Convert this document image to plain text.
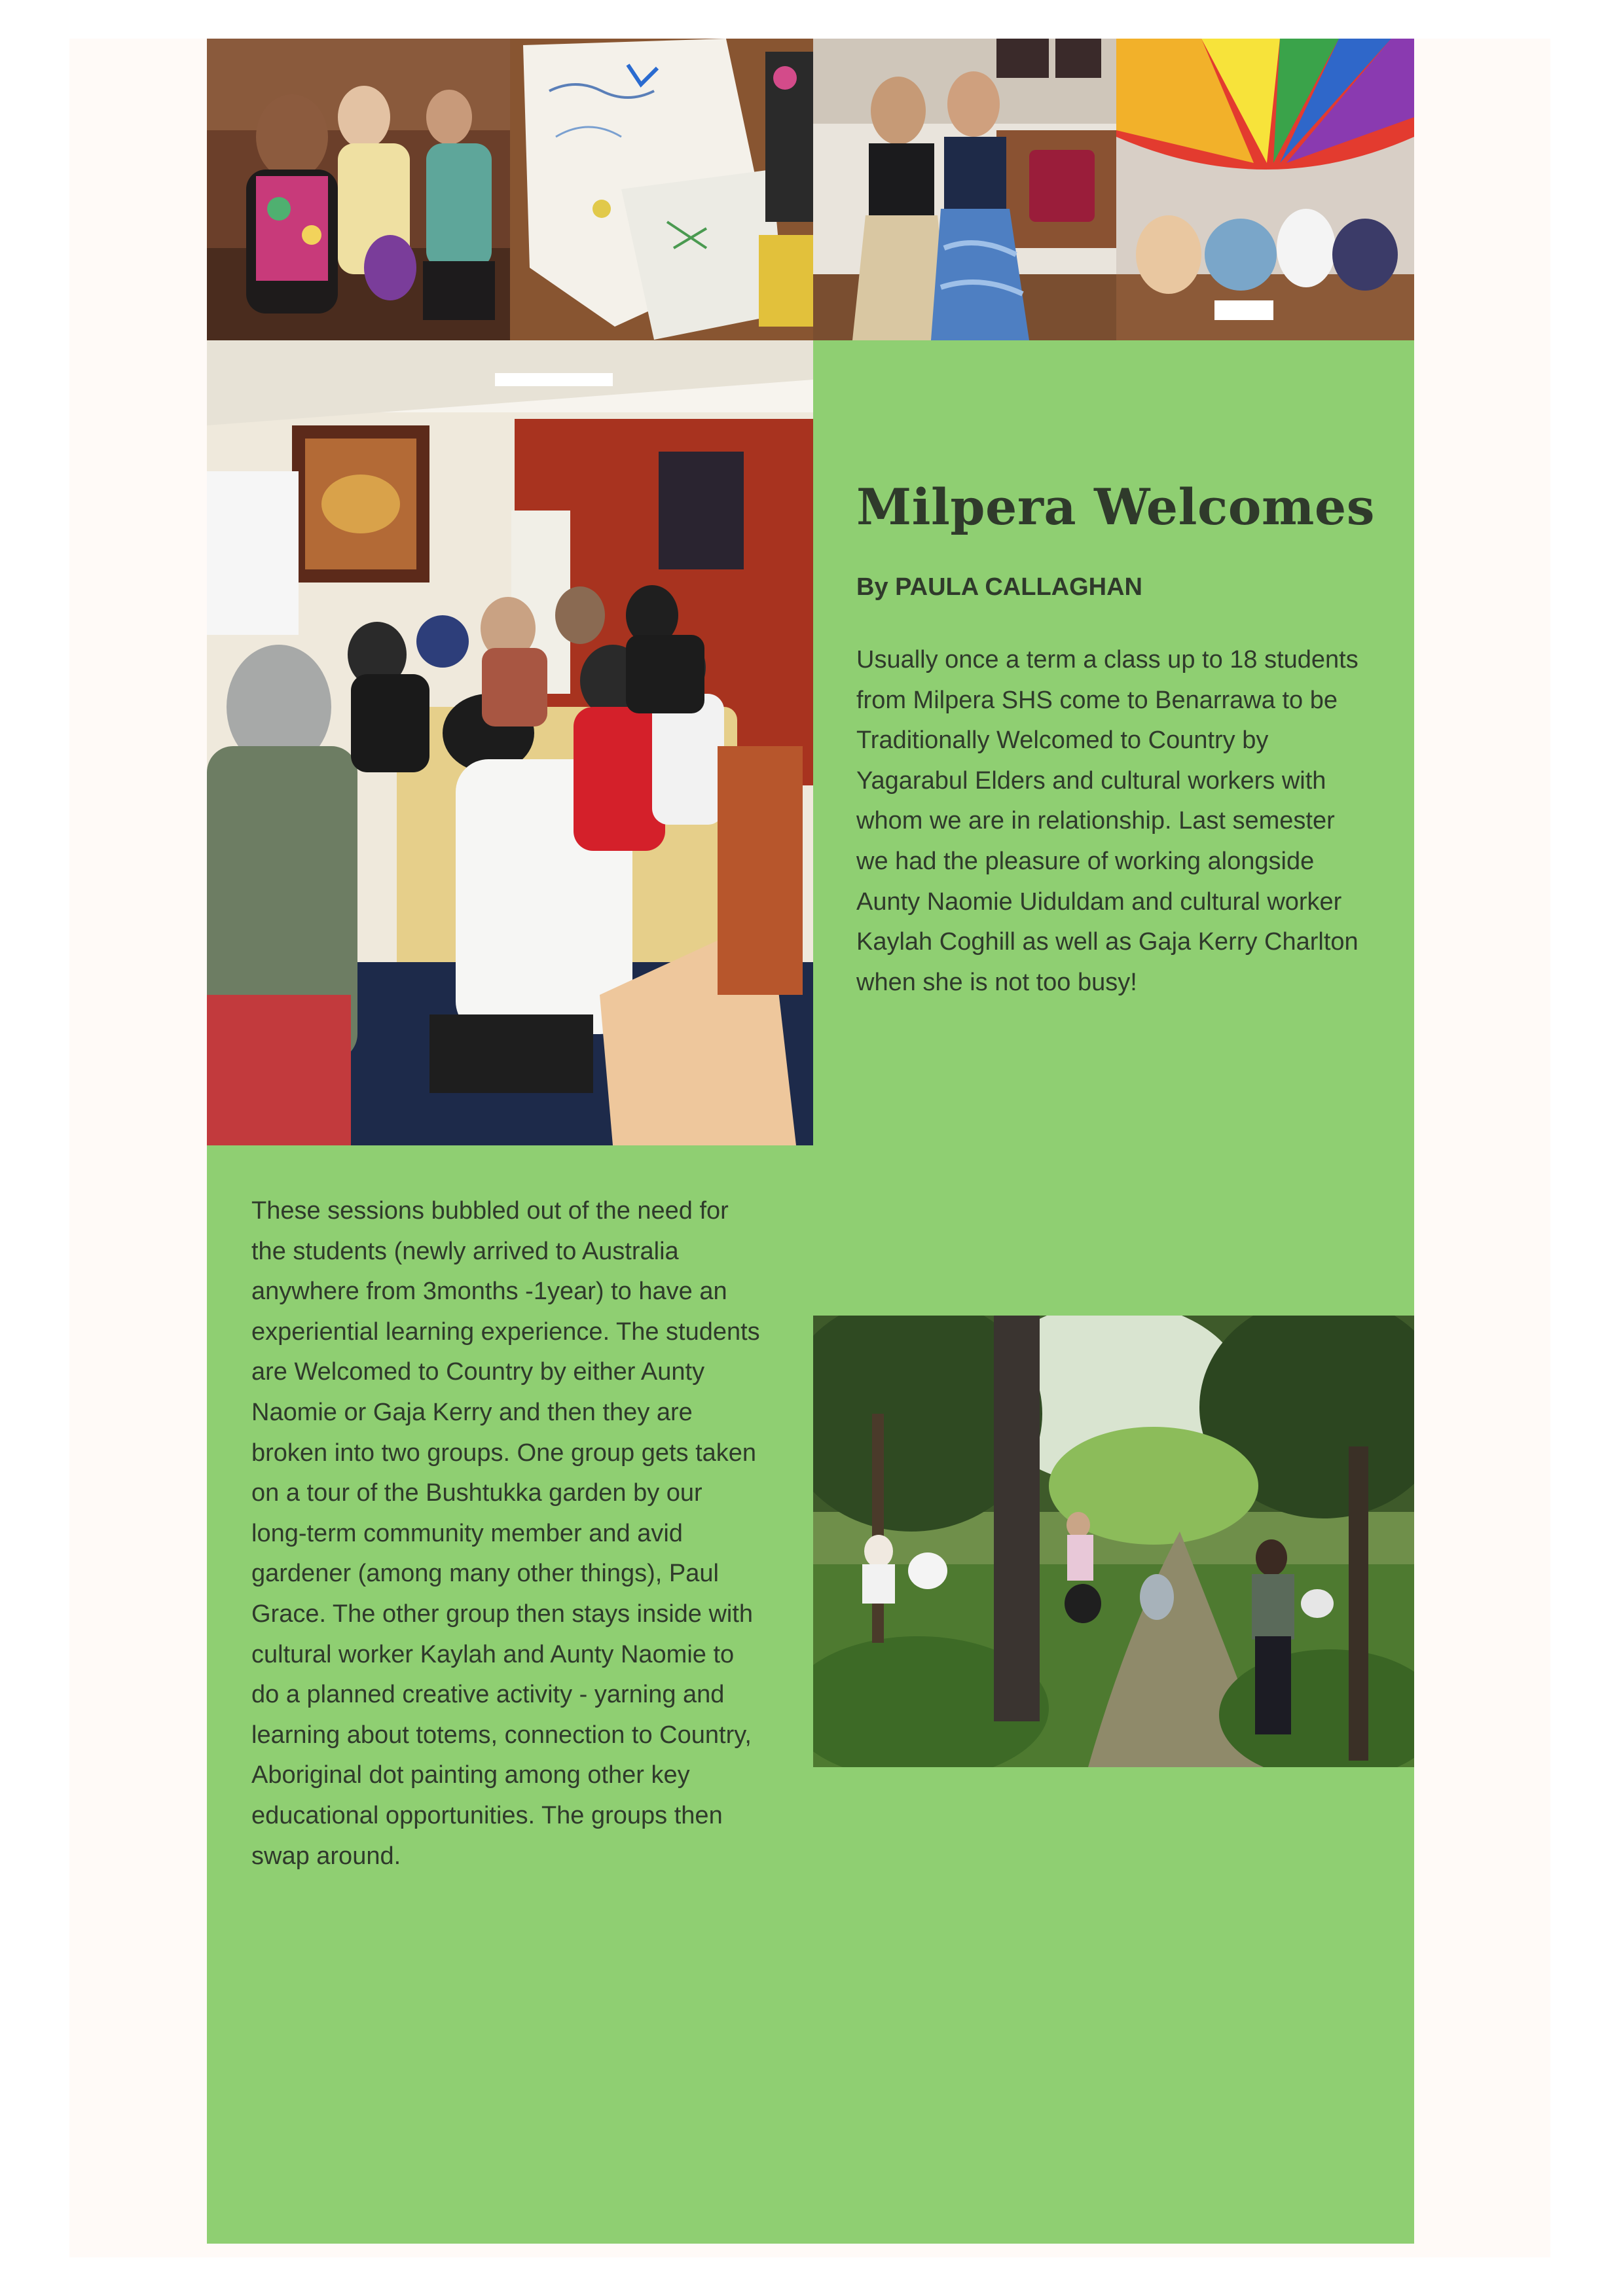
Milpera Welcomes
By PAULA CALLAGHAN
Usually once a term a class up to 18 students
from Milpera SHS come to Benarrawa to be
Traditionally Welcomed to Country by
Yagarabul Elders and cultural workers with
whom we are in relationship. Last semester
we had the pleasure of working alongside
Aunty Naomie Uiduldam and cultural worker
Kaylah Coghill as well as Gaja Kerry Charlton
when she is not too busy!
These sessions bubbled out of the need for
the students (newly arrived to Australia
anywhere from 3months -1year) to have an
experiential learning experience. The students
are Welcomed to Country by either Aunty
Naomie or Gaja Kerry and then they are
broken into two groups. One group gets taken
on a tour of the Bushtukka garden by our
long-term community member and avid
gardener (among many other things), Paul
Grace. The other group then stays inside with
cultural worker Kaylah and Aunty Naomie to
do a planned creative activity - yarning and
learning about totems, connection to Country,
Aboriginal dot painting among other key
educational opportunities. The groups then
swap around.
